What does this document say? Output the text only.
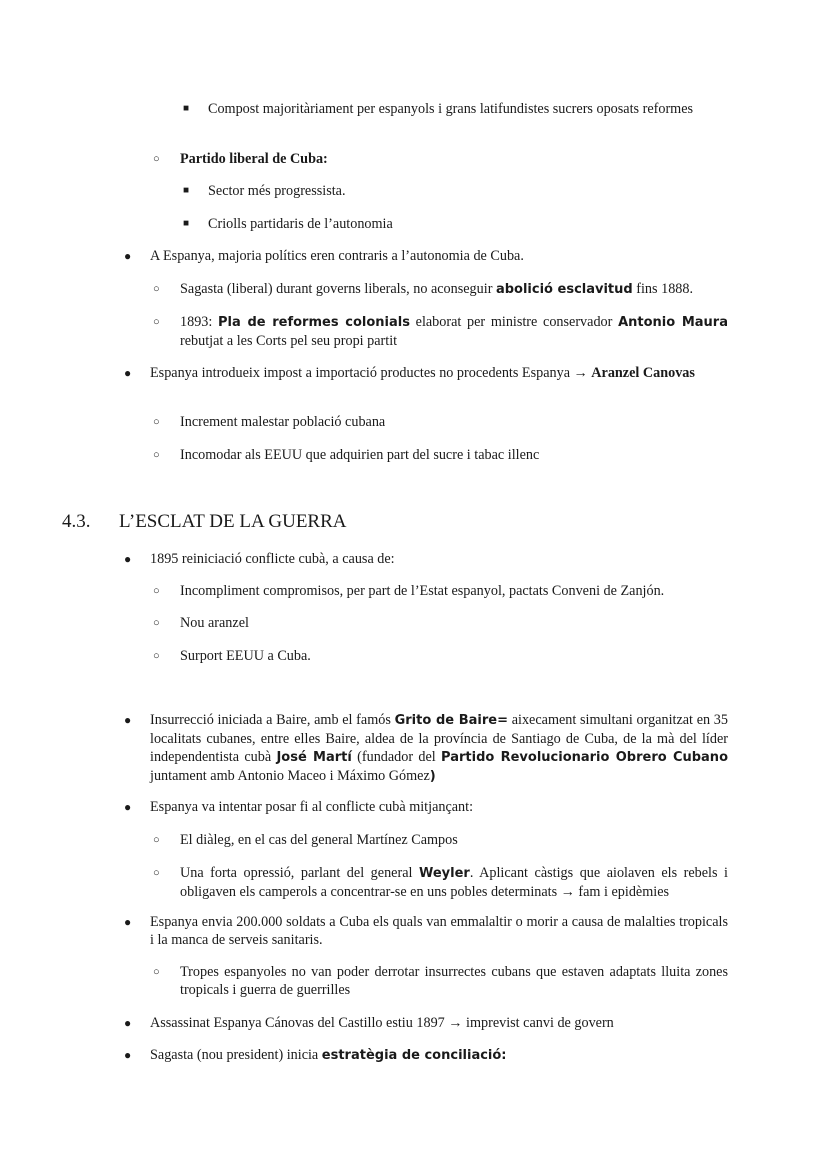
■ Compost majoritàriament per espanyols i grans latifundistes sucrers oposats reformes
○ Partido liberal de Cuba:
■ Sector més progressista.
■ Criolls partidaris de l’autonomia
● A Espanya, majoria polítics eren contraris a l’autonomia de Cuba.
○ Sagasta (liberal) durant governs liberals, no aconseguir abolició esclavitud fins 1888.
○ 1893: Pla de reformes colonials elaborat per ministre conservador Antonio Maura rebutjat a les Corts pel seu propi partit
● Espanya introdueix impost a importació productes no procedents Espanya → Aranzel Canovas
○ Increment malestar població cubana
○ Incomodar als EEUU que adquirien part del sucre i tabac illenc
4.3. L’ESCLAT DE LA GUERRA
● 1895 reiniciació conflicte cubà, a causa de:
○ Incompliment compromisos, per part de l’Estat espanyol, pactats Conveni de Zanjón.
○ Nou aranzel
○ Surport EEUU a Cuba.
● Insurrecció iniciada a Baire, amb el famós Grito de Baire= aixecament simultani organitzat en 35 localitats cubanes, entre elles Baire, aldea de la província de Santiago de Cuba, de la mà del líder independentista cubà José Martí (fundador del Partido Revolucionario Obrero Cubano juntament amb Antonio Maceo i Máximo Gómez)
● Espanya va intentar posar fi al conflicte cubà mitjançant:
○ El diàleg, en el cas del general Martínez Campos
○ Una forta opressió, parlant del general Weyler. Aplicant càstigs que aiolaven els rebels i obligaven els camperols a concentrar-se en uns pobles determinats → fam i epidèmies
● Espanya envia 200.000 soldats a Cuba els quals van emmalaltir o morir a causa de malalties tropicals i la manca de serveis sanitaris.
○ Tropes espanyoles no van poder derrotar insurrectes cubans que estaven adaptats lluita zones tropicals i guerra de guerrilles
● Assassinat Espanya Cánovas del Castillo estiu 1897 → imprevist canvi de govern
● Sagasta (nou president) inicia estratègia de conciliació:
